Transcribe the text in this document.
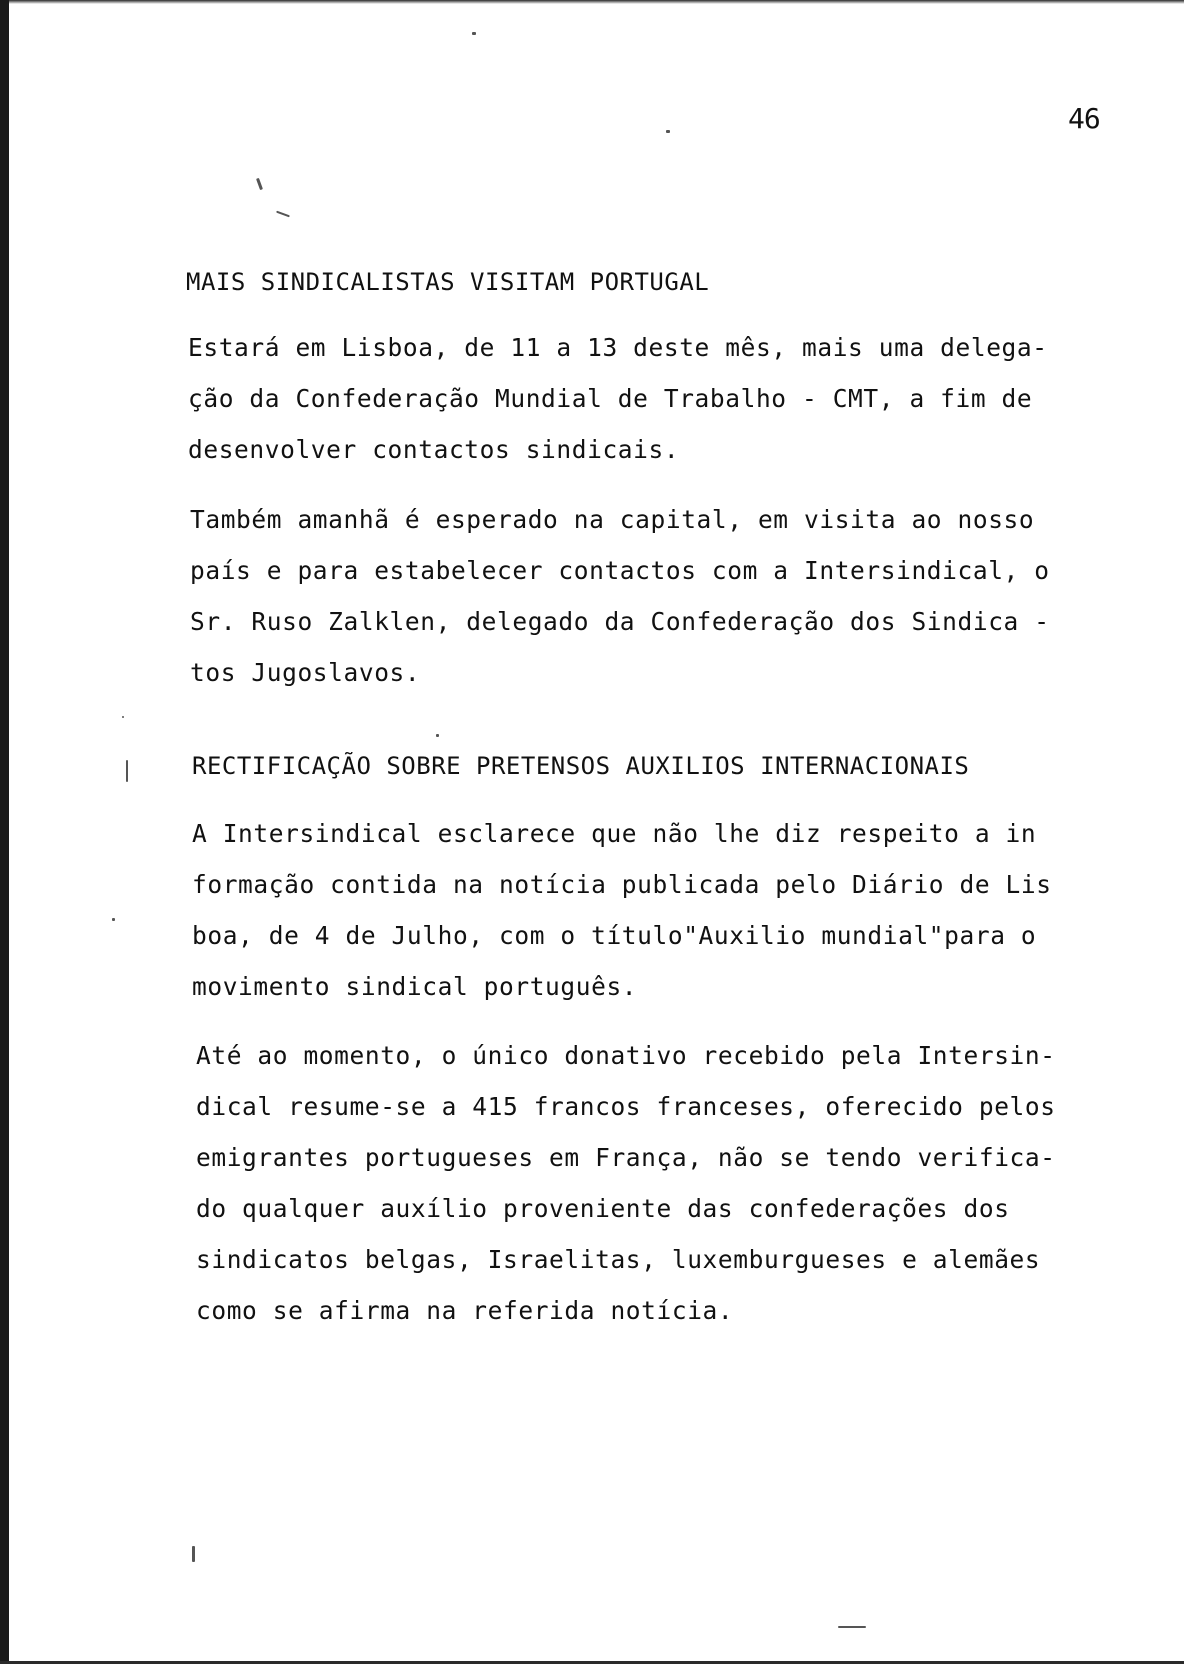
46
MAIS SINDICALISTAS VISITAM PORTUGAL
Estará em Lisboa, de 11 a 13 deste mês, mais uma delega-
ção da Confederação Mundial de Trabalho - CMT, a fim de
desenvolver contactos sindicais.
Também amanhã é esperado na capital, em visita ao nosso
país e para estabelecer contactos com a Intersindical, o
Sr. Ruso Zalklen, delegado da Confederação dos Sindica -
tos Jugoslavos.
RECTIFICAÇÃO SOBRE PRETENSOS AUXILIOS INTERNACIONAIS
A Intersindical esclarece que não lhe diz respeito a in
formação contida na notícia publicada pelo Diário de Lis
boa, de 4 de Julho, com o título"Auxilio mundial"para o
movimento sindical português.
Até ao momento, o único donativo recebido pela Intersin-
dical resume-se a 415 francos franceses, oferecido pelos
emigrantes portugueses em França, não se tendo verifica-
do qualquer auxílio proveniente das confederações dos
sindicatos belgas, Israelitas, luxemburgueses e alemães
como se afirma na referida notícia.
